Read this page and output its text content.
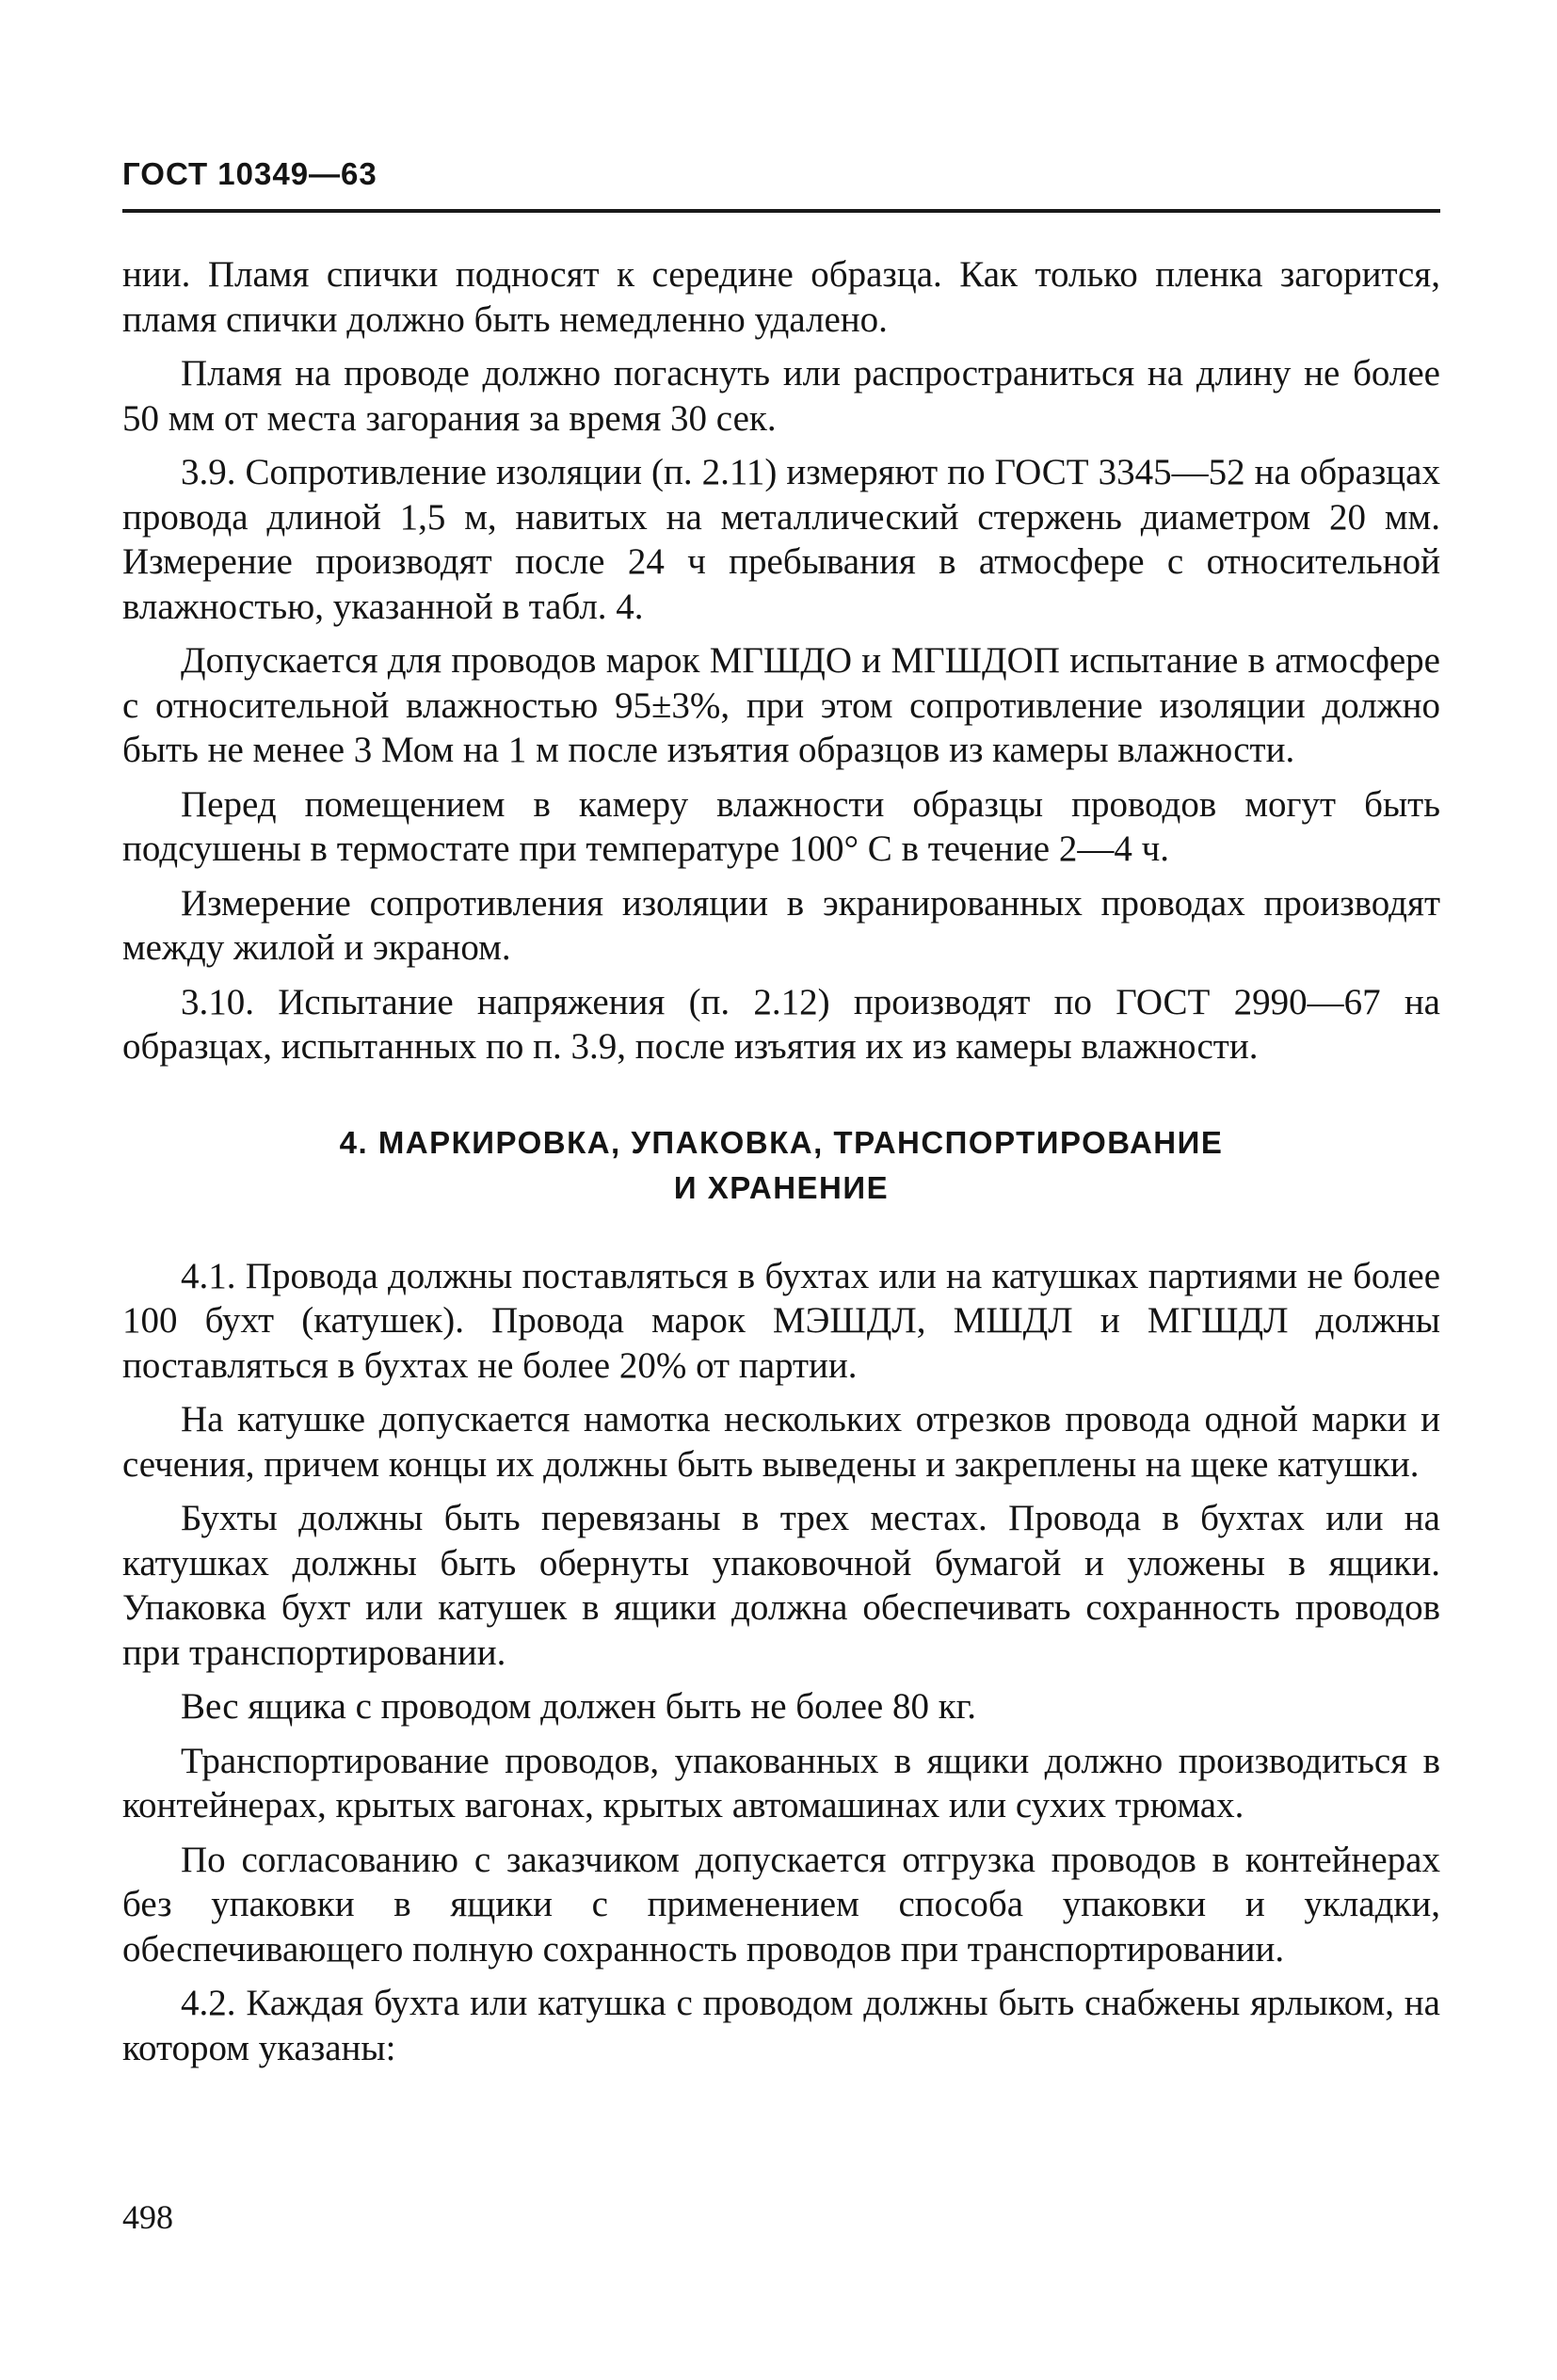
ГОСТ 10349—63

нии. Пламя спички подносят к середине образца. Как только пленка загорится, пламя спички должно быть немедленно удалено.

Пламя на проводе должно погаснуть или распространиться на длину не более 50 мм от места загорания за время 30 сек.

3.9. Сопротивление изоляции (п. 2.11) измеряют по ГОСТ 3345—52 на образцах провода длиной 1,5 м, навитых на металлический стержень диаметром 20 мм. Измерение производят после 24 ч пребывания в атмосфере с относительной влажностью, указанной в табл. 4.

Допускается для проводов марок МГШДО и МГШДОП испытание в атмосфере с относительной влажностью 95±3%, при этом сопротивление изоляции должно быть не менее 3 Мом на 1 м после изъятия образцов из камеры влажности.

Перед помещением в камеру влажности образцы проводов могут быть подсушены в термостате при температуре 100° С в течение 2—4 ч.

Измерение сопротивления изоляции в экранированных проводах производят между жилой и экраном.

3.10. Испытание напряжения (п. 2.12) производят по ГОСТ 2990—67 на образцах, испытанных по п. 3.9, после изъятия их из камеры влажности.

4. МАРКИРОВКА, УПАКОВКА, ТРАНСПОРТИРОВАНИЕ
И ХРАНЕНИЕ

4.1. Провода должны поставляться в бухтах или на катушках партиями не более 100 бухт (катушек). Провода марок МЭШДЛ, МШДЛ и МГШДЛ должны поставляться в бухтах не более 20% от партии.

На катушке допускается намотка нескольких отрезков провода одной марки и сечения, причем концы их должны быть выведены и закреплены на щеке катушки.

Бухты должны быть перевязаны в трех местах. Провода в бухтах или на катушках должны быть обернуты упаковочной бумагой и уложены в ящики. Упаковка бухт или катушек в ящики должна обеспечивать сохранность проводов при транспортировании.

Вес ящика с проводом должен быть не более 80 кг.

Транспортирование проводов, упакованных в ящики должно производиться в контейнерах, крытых вагонах, крытых автомашинах или сухих трюмах.

По согласованию с заказчиком допускается отгрузка проводов в контейнерах без упаковки в ящики с применением способа упаковки и укладки, обеспечивающего полную сохранность проводов при транспортировании.

4.2. Каждая бухта или катушка с проводом должны быть снабжены ярлыком, на котором указаны:

498
